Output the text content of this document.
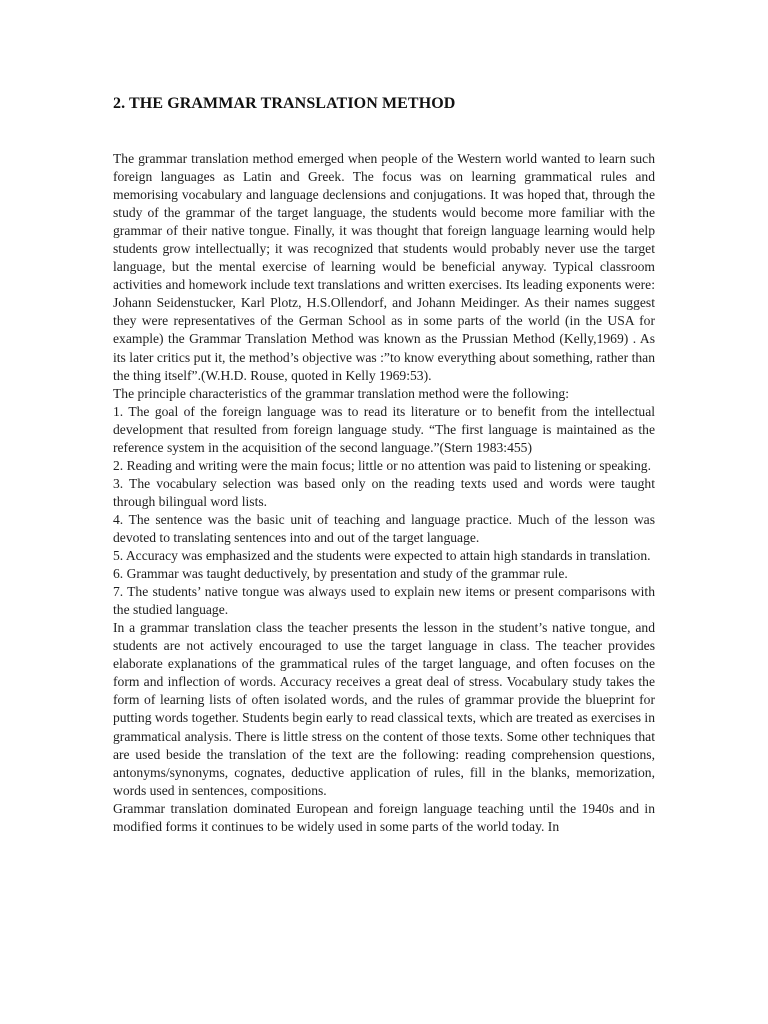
2. THE GRAMMAR TRANSLATION METHOD

The grammar translation method emerged when people of the Western world wanted to learn such foreign languages as Latin and Greek. The focus was on learning grammatical rules and memorising vocabulary and language declensions and conjugations. It was hoped that, through the study of the grammar of the target language, the students would become more familiar with the grammar of their native tongue. Finally, it was thought that foreign language learning would help students grow intellectually; it was recognized that students would probably never use the target language, but the mental exercise of learning would be beneficial anyway. Typical classroom activities and homework include text translations and written exercises. Its leading exponents were: Johann Seidenstucker, Karl Plotz, H.S.Ollendorf, and Johann Meidinger. As their names suggest they were representatives of the German School as in some parts of the world (in the USA for example) the Grammar Translation Method was known as the Prussian Method (Kelly,1969) . As its later critics put it, the method’s objective was :”to know everything about something, rather than the thing itself”.(W.H.D. Rouse, quoted in Kelly 1969:53).

The principle characteristics of the grammar translation method were the following:

1. The goal of the foreign language was to read its literature or to benefit from the intellectual development that resulted from foreign language study. “The first language is maintained as the reference system in the acquisition of the second language.”(Stern 1983:455)

2. Reading and writing were the main focus; little or no attention was paid to listening or speaking.

3. The vocabulary selection was based only on the reading texts used and words were taught through bilingual word lists.

4. The sentence was the basic unit of teaching and language practice. Much of the lesson was devoted to translating sentences into and out of the target language.

5. Accuracy was emphasized and the students were expected to attain high standards in translation.

6. Grammar was taught deductively, by presentation and study of the grammar rule.

7. The students’ native tongue was always used to explain new items or present comparisons with the studied language.

In a grammar translation class the teacher presents the lesson in the student’s native tongue, and students are not actively encouraged to use the target language in class. The teacher provides elaborate explanations of the grammatical rules of the target language, and often focuses on the form and inflection of words. Accuracy receives a great deal of stress. Vocabulary study takes the form of learning lists of often isolated words, and the rules of grammar provide the blueprint for putting words together. Students begin early to read classical texts, which are treated as exercises in grammatical analysis. There is little stress on the content of those texts. Some other techniques that are used beside the translation of the text are the following: reading comprehension questions, antonyms/synonyms, cognates, deductive application of rules, fill in the blanks, memorization, words used in sentences, compositions.

Grammar translation dominated European and foreign language teaching until the 1940s and in modified forms it continues to be widely used in some parts of the world today. In
